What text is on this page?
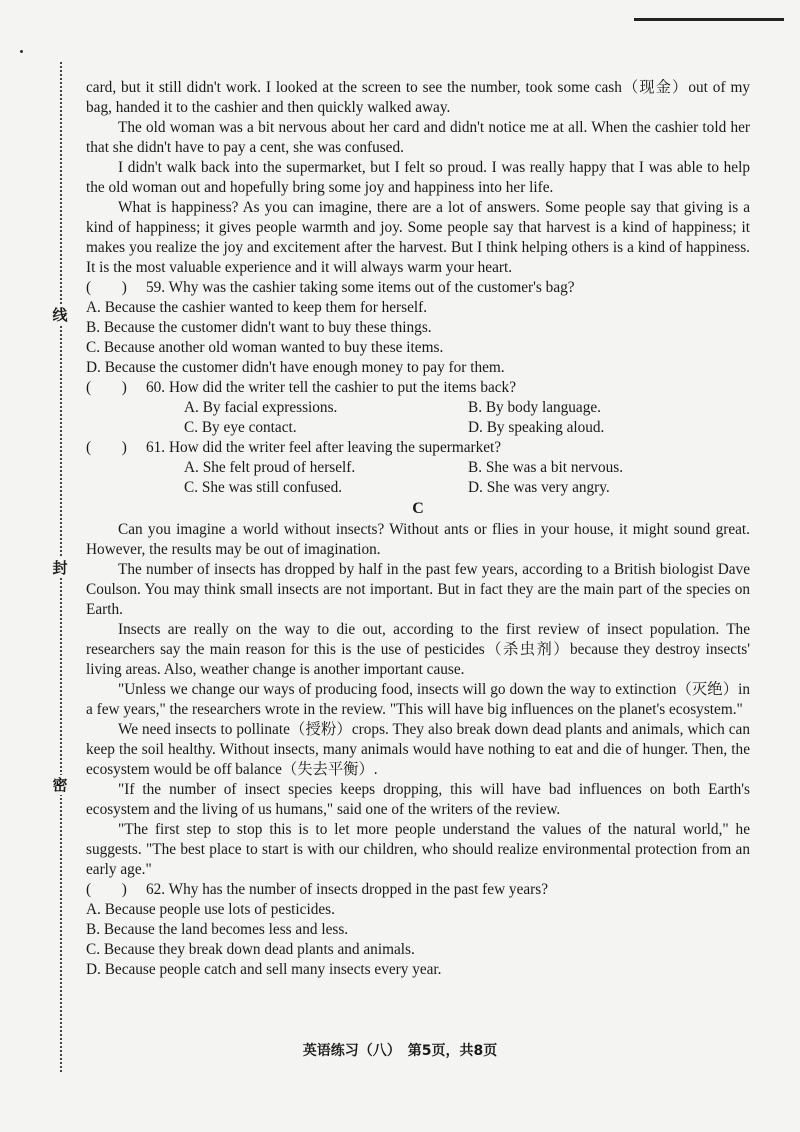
线
封
密

card, but it still didn't work. I looked at the screen to see the number, took some cash（现金）out of my bag, handed it to the cashier and then quickly walked away.

The old woman was a bit nervous about her card and didn't notice me at all. When the cashier told her that she didn't have to pay a cent, she was confused.

I didn't walk back into the supermarket, but I felt so proud. I was really happy that I was able to help the old woman out and hopefully bring some joy and happiness into her life.

What is happiness? As you can imagine, there are a lot of answers. Some people say that giving is a kind of happiness; it gives people warmth and joy. Some people say that harvest is a kind of happiness; it makes you realize the joy and excitement after the harvest. But I think helping others is a kind of happiness. It is the most valuable experience and it will always warm your heart.

(　　) 59. Why was the cashier taking some items out of the customer's bag?

A. Because the cashier wanted to keep them for herself.

B. Because the customer didn't want to buy these things.

C. Because another old woman wanted to buy these items.

D. Because the customer didn't have enough money to pay for them.

(　　) 60. How did the writer tell the cashier to put the items back?

A. By facial expressions.	B. By body language.
C. By eye contact.	D. By speaking aloud.

(　　) 61. How did the writer feel after leaving the supermarket?

A. She felt proud of herself.	B. She was a bit nervous.
C. She was still confused.	D. She was very angry.

C

Can you imagine a world without insects? Without ants or flies in your house, it might sound great. However, the results may be out of imagination.

The number of insects has dropped by half in the past few years, according to a British biologist Dave Coulson. You may think small insects are not important. But in fact they are the main part of the species on Earth.

Insects are really on the way to die out, according to the first review of insect population. The researchers say the main reason for this is the use of pesticides（杀虫剂）because they destroy insects' living areas. Also, weather change is another important cause.

"Unless we change our ways of producing food, insects will go down the way to extinction（灭绝）in a few years," the researchers wrote in the review. "This will have big influences on the planet's ecosystem."

We need insects to pollinate（授粉）crops. They also break down dead plants and animals, which can keep the soil healthy. Without insects, many animals would have nothing to eat and die of hunger. Then, the ecosystem would be off balance（失去平衡）.

"If the number of insect species keeps dropping, this will have bad influences on both Earth's ecosystem and the living of us humans," said one of the writers of the review.

"The first step to stop this is to let more people understand the values of the natural world," he suggests. "The best place to start is with our children, who should realize environmental protection from an early age."

(　　) 62. Why has the number of insects dropped in the past few years?

A. Because people use lots of pesticides.

B. Because the land becomes less and less.

C. Because they break down dead plants and animals.

D. Because people catch and sell many insects every year.

英语练习（八）　第5页，共8页
